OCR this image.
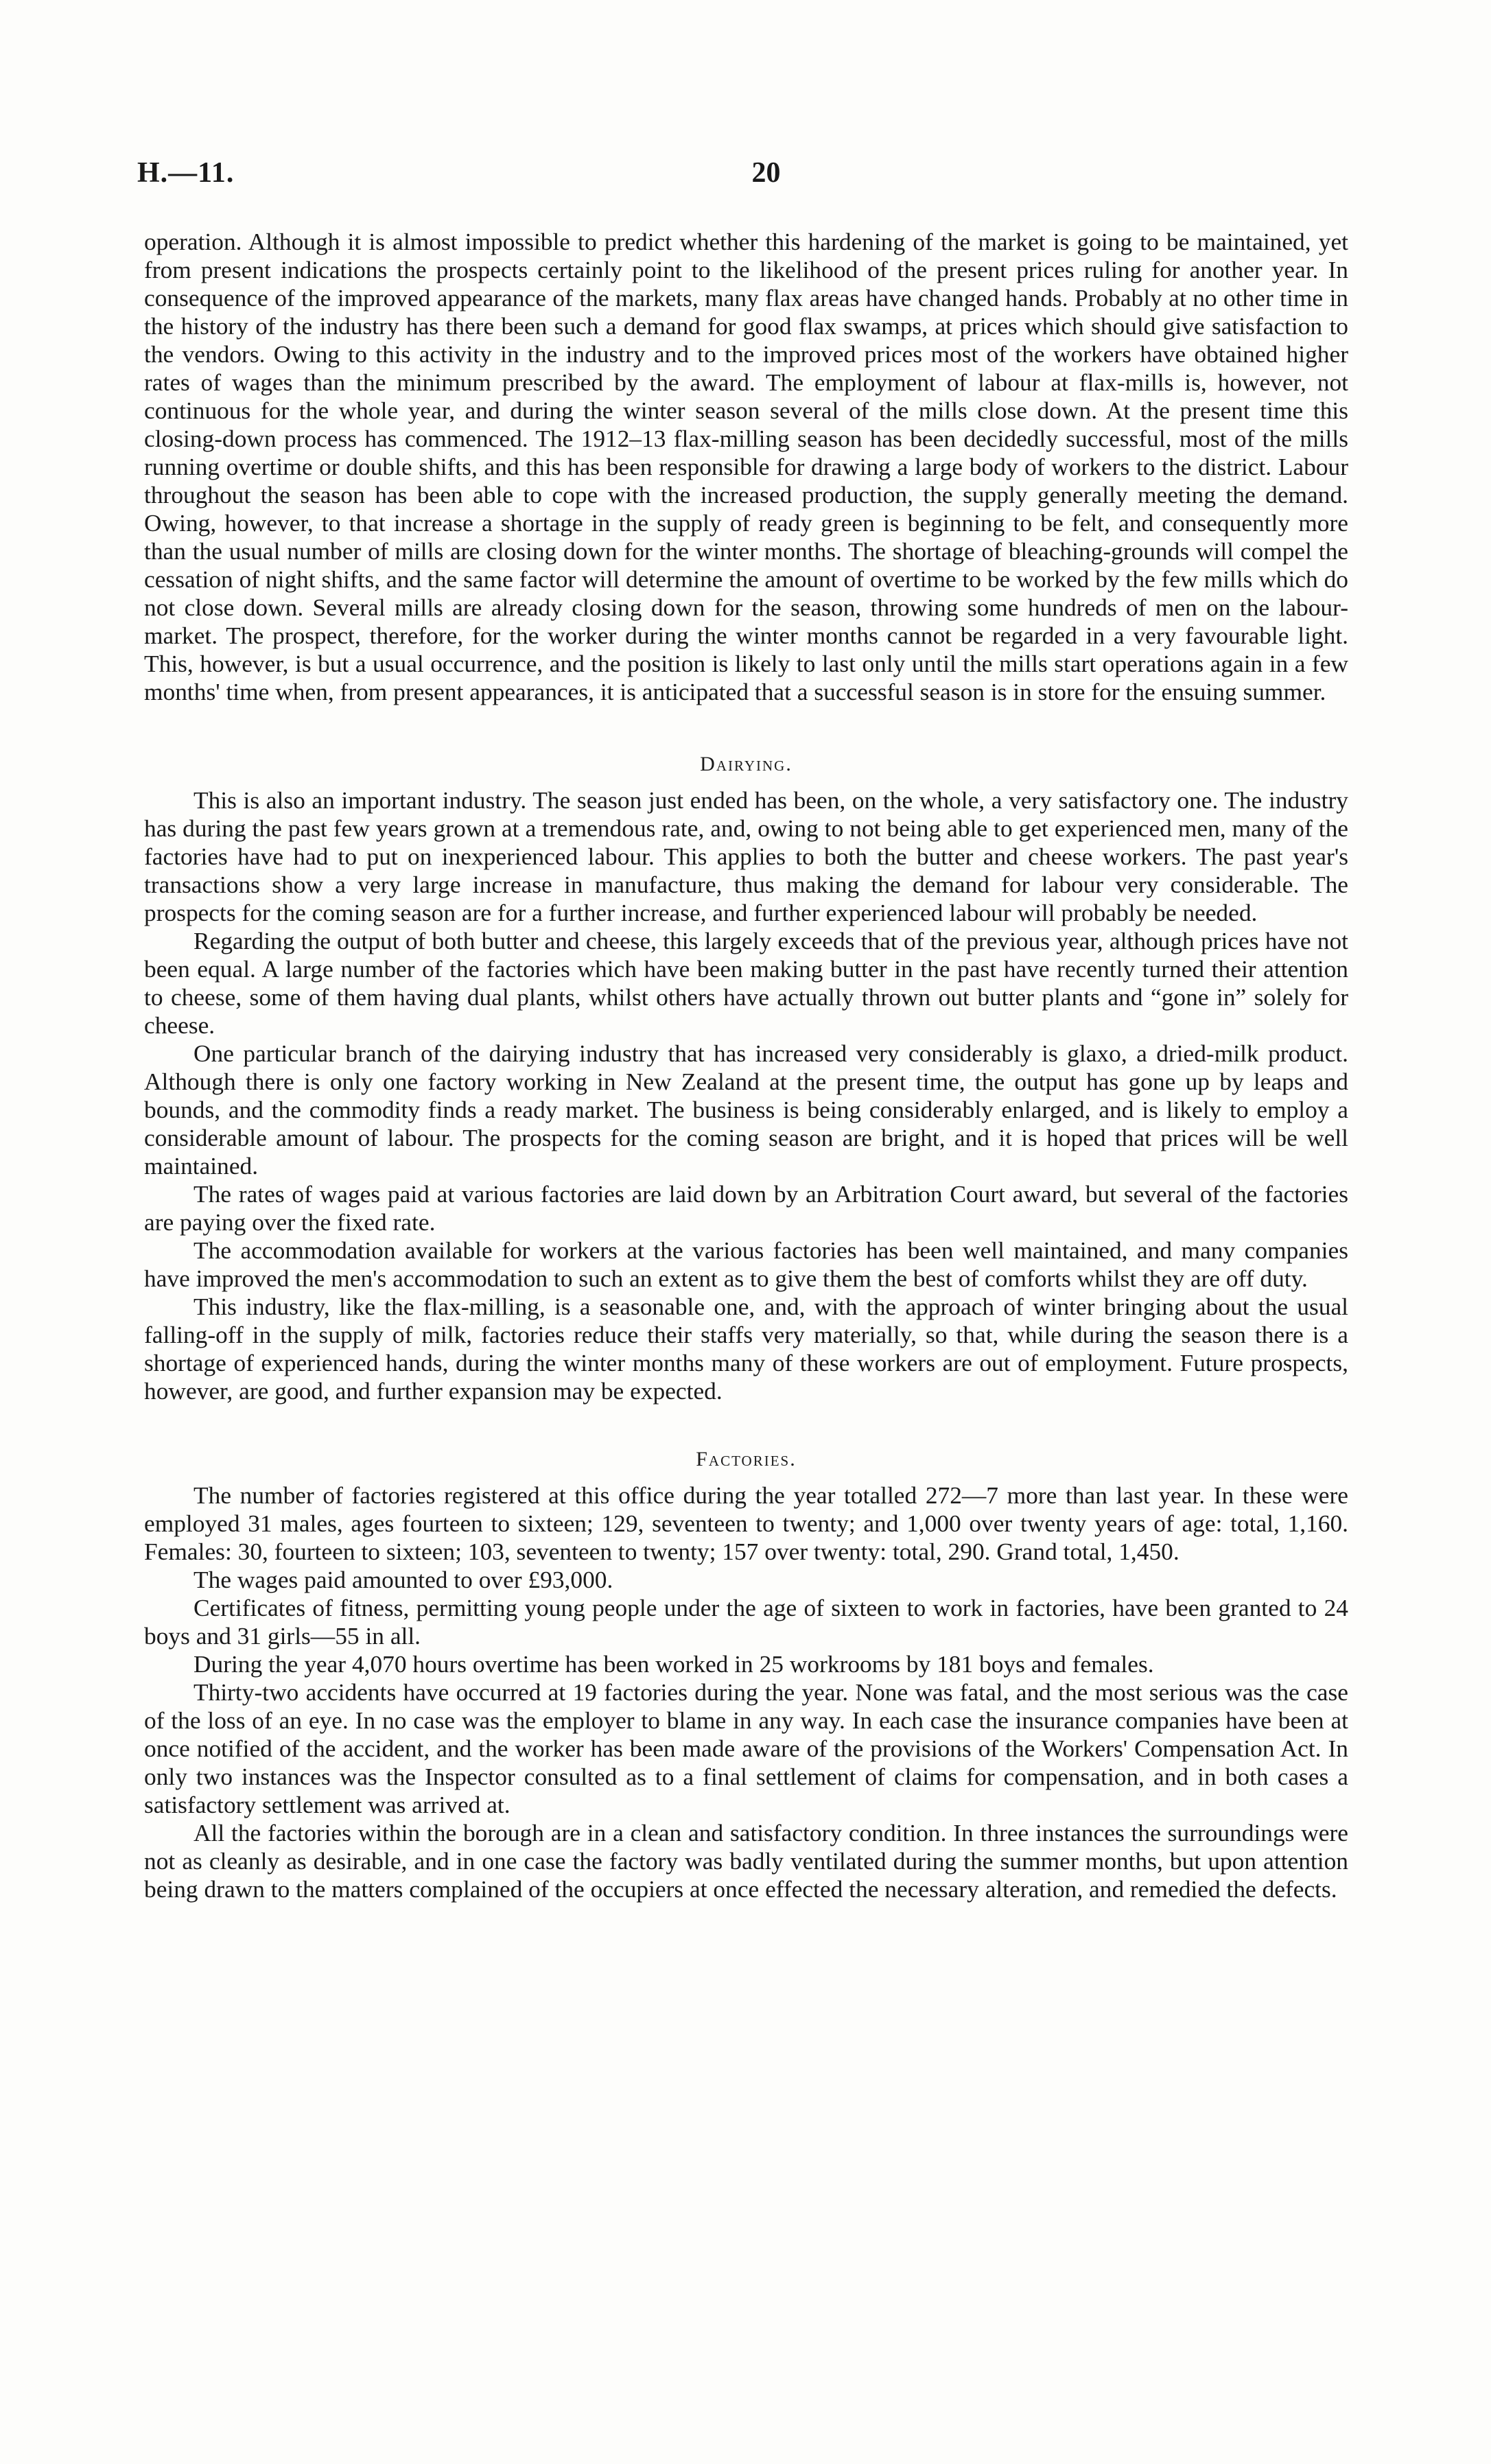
H.—11.	20

operation. Although it is almost impossible to predict whether this hardening of the market is going to be maintained, yet from present indications the prospects certainly point to the likelihood of the present prices ruling for another year. In consequence of the improved appearance of the markets, many flax areas have changed hands. Probably at no other time in the history of the industry has there been such a demand for good flax swamps, at prices which should give satisfaction to the vendors. Owing to this activity in the industry and to the improved prices most of the workers have obtained higher rates of wages than the minimum prescribed by the award. The employment of labour at flax-mills is, however, not continuous for the whole year, and during the winter season several of the mills close down. At the present time this closing-down process has commenced. The 1912–13 flax-milling season has been decidedly successful, most of the mills running overtime or double shifts, and this has been responsible for drawing a large body of workers to the district. Labour throughout the season has been able to cope with the increased production, the supply generally meeting the demand. Owing, however, to that increase a shortage in the supply of ready green is beginning to be felt, and consequently more than the usual number of mills are closing down for the winter months. The shortage of bleaching-grounds will compel the cessation of night shifts, and the same factor will determine the amount of overtime to be worked by the few mills which do not close down. Several mills are already closing down for the season, throwing some hundreds of men on the labour-market. The prospect, therefore, for the worker during the winter months cannot be regarded in a very favourable light. This, however, is but a usual occurrence, and the position is likely to last only until the mills start operations again in a few months' time when, from present appearances, it is anticipated that a successful season is in store for the ensuing summer.

Dairying.

This is also an important industry. The season just ended has been, on the whole, a very satisfactory one. The industry has during the past few years grown at a tremendous rate, and, owing to not being able to get experienced men, many of the factories have had to put on inexperienced labour. This applies to both the butter and cheese workers. The past year's transactions show a very large increase in manufacture, thus making the demand for labour very considerable. The prospects for the coming season are for a further increase, and further experienced labour will probably be needed.

Regarding the output of both butter and cheese, this largely exceeds that of the previous year, although prices have not been equal. A large number of the factories which have been making butter in the past have recently turned their attention to cheese, some of them having dual plants, whilst others have actually thrown out butter plants and “gone in” solely for cheese.

One particular branch of the dairying industry that has increased very considerably is glaxo, a dried-milk product. Although there is only one factory working in New Zealand at the present time, the output has gone up by leaps and bounds, and the commodity finds a ready market. The business is being considerably enlarged, and is likely to employ a considerable amount of labour. The prospects for the coming season are bright, and it is hoped that prices will be well maintained.

The rates of wages paid at various factories are laid down by an Arbitration Court award, but several of the factories are paying over the fixed rate.

The accommodation available for workers at the various factories has been well maintained, and many companies have improved the men's accommodation to such an extent as to give them the best of comforts whilst they are off duty.

This industry, like the flax-milling, is a seasonable one, and, with the approach of winter bringing about the usual falling-off in the supply of milk, factories reduce their staffs very materially, so that, while during the season there is a shortage of experienced hands, during the winter months many of these workers are out of employment. Future prospects, however, are good, and further expansion may be expected.

Factories.

The number of factories registered at this office during the year totalled 272—7 more than last year. In these were employed 31 males, ages fourteen to sixteen; 129, seventeen to twenty; and 1,000 over twenty years of age: total, 1,160. Females: 30, fourteen to sixteen; 103, seventeen to twenty; 157 over twenty: total, 290. Grand total, 1,450.

The wages paid amounted to over £93,000.

Certificates of fitness, permitting young people under the age of sixteen to work in factories, have been granted to 24 boys and 31 girls—55 in all.

During the year 4,070 hours overtime has been worked in 25 workrooms by 181 boys and females.

Thirty-two accidents have occurred at 19 factories during the year. None was fatal, and the most serious was the case of the loss of an eye. In no case was the employer to blame in any way. In each case the insurance companies have been at once notified of the accident, and the worker has been made aware of the provisions of the Workers' Compensation Act. In only two instances was the Inspector consulted as to a final settlement of claims for compensation, and in both cases a satisfactory settlement was arrived at.

All the factories within the borough are in a clean and satisfactory condition. In three instances the surroundings were not as cleanly as desirable, and in one case the factory was badly ventilated during the summer months, but upon attention being drawn to the matters complained of the occupiers at once effected the necessary alteration, and remedied the defects.
